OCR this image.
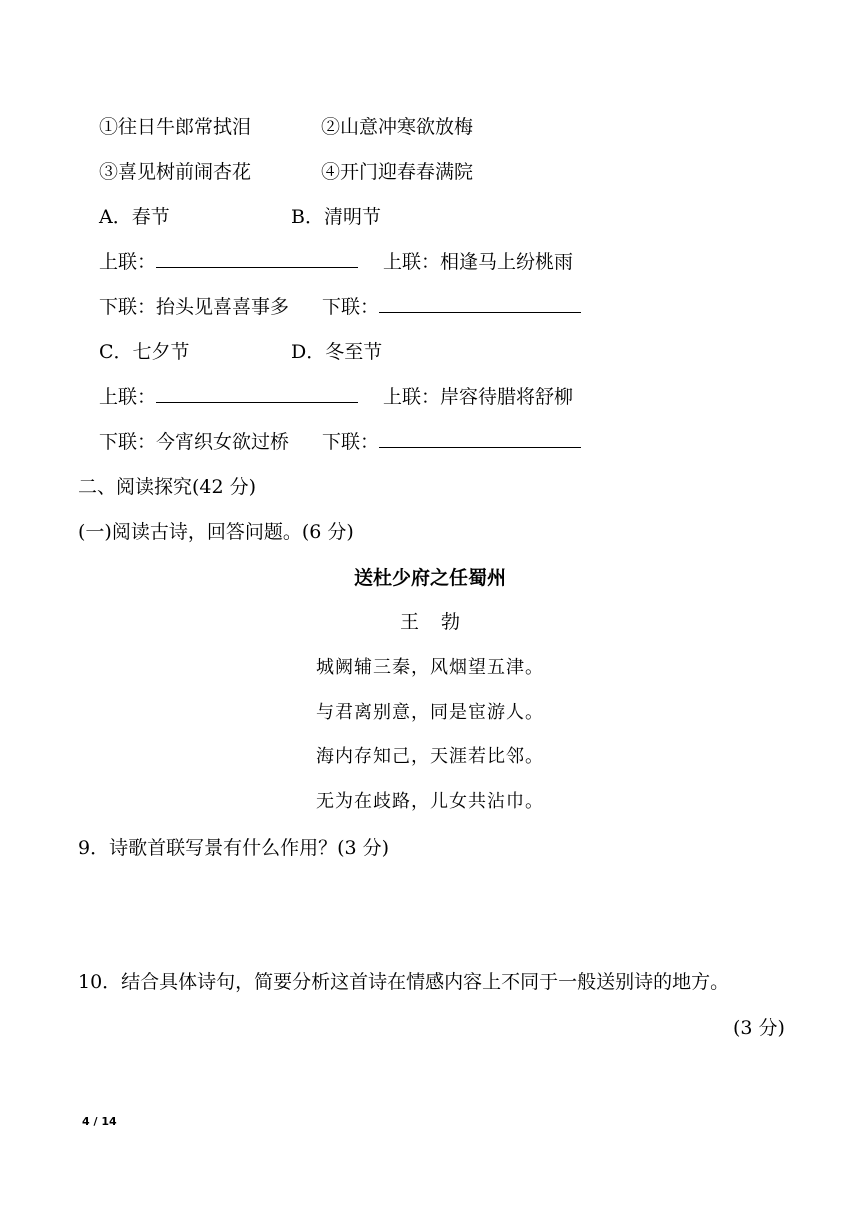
①往日牛郎常拭泪	②山意冲寒欲放梅
③喜见树前闹杏花	④开门迎春春满院
A．春节	B．清明节
上联：	上联：相逢马上纷桃雨
下联：抬头见喜喜事多 下联：
C．七夕节	D．冬至节
上联：	上联：岸容待腊将舒柳
下联：今宵织女欲过桥 下联：
二、阅读探究(42 分)
(一)阅读古诗，回答问题。(6 分)
送杜少府之任蜀州
王勃
城阙辅三秦，风烟望五津。
与君离别意，同是宦游人。
海内存知己，天涯若比邻。
无为在歧路，儿女共沾巾。
9．诗歌首联写景有什么作用？(3 分)
10．结合具体诗句，简要分析这首诗在情感内容上不同于一般送别诗的地方。
(3 分)
4 / 14
